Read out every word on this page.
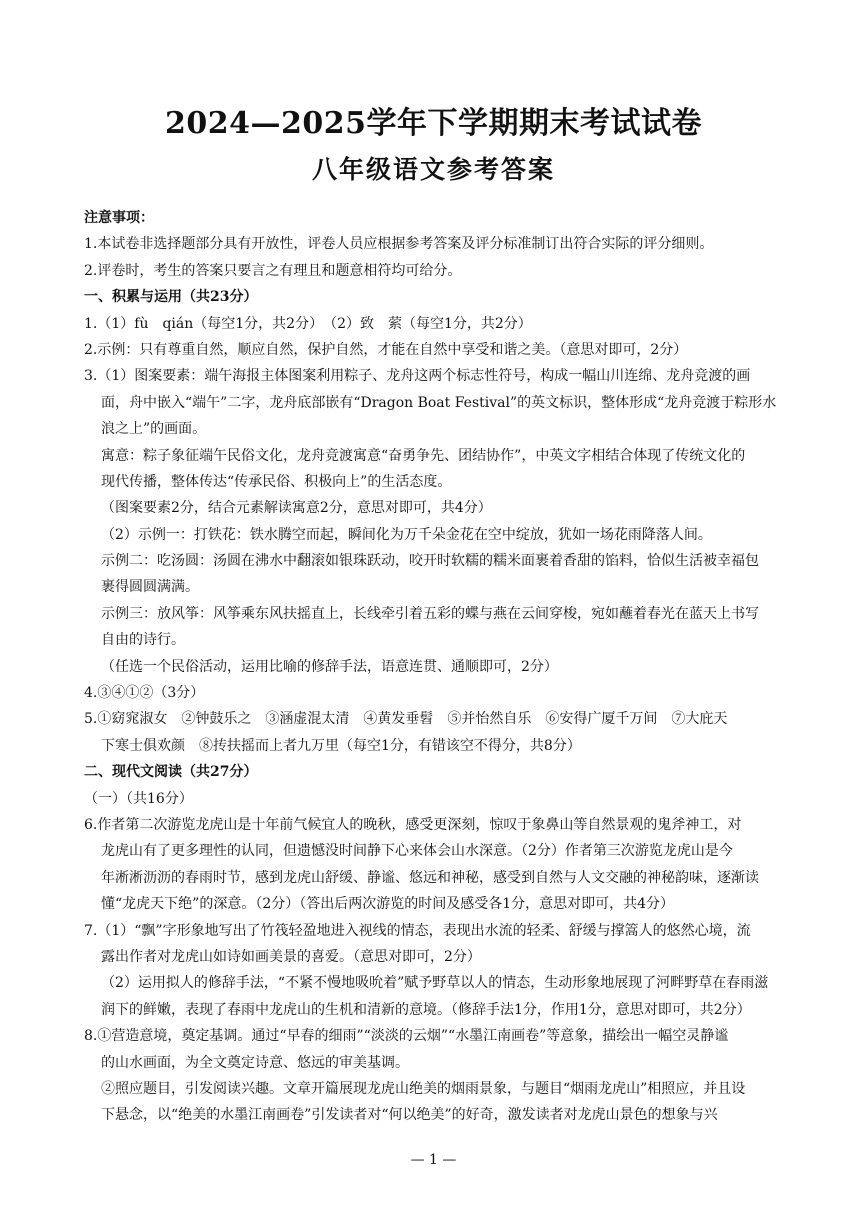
2024—2025学年下学期期末考试试卷
八年级语文参考答案
注意事项：
1.本试卷非选择题部分具有开放性，评卷人员应根据参考答案及评分标准制订出符合实际的评分细则。
2.评卷时，考生的答案只要言之有理且和题意相符均可给分。
一、积累与运用（共23分）
1.（1）fù　qián（每空1分，共2分）　（2）致　萦（每空1分，共2分）
2.示例：只有尊重自然，顺应自然，保护自然，才能在自然中享受和谐之美。（意思对即可，2分）
3.（1）图案要素：端午海报主体图案利用粽子、龙舟这两个标志性符号，构成一幅山川连绵、龙舟竞渡的画
面，舟中嵌入“端午”二字，龙舟底部嵌有“Dragon Boat Festival”的英文标识，整体形成“龙舟竞渡于粽形水
浪之上”的画面。
寓意：粽子象征端午民俗文化，龙舟竞渡寓意“奋勇争先、团结协作”，中英文字相结合体现了传统文化的
现代传播，整体传达“传承民俗、积极向上”的生活态度。
（图案要素2分，结合元素解读寓意2分，意思对即可，共4分）
（2）示例一：打铁花：铁水腾空而起，瞬间化为万千朵金花在空中绽放，犹如一场花雨降落人间。
示例二：吃汤圆：汤圆在沸水中翻滚如银珠跃动，咬开时软糯的糯米面裹着香甜的馅料，恰似生活被幸福包
裹得圆圆满满。
示例三：放风筝：风筝乘东风扶摇直上，长线牵引着五彩的蝶与燕在云间穿梭，宛如蘸着春光在蓝天上书写
自由的诗行。
（任选一个民俗活动，运用比喻的修辞手法，语意连贯、通顺即可，2分）
4.③④①②（3分）
5.①窈窕淑女　②钟鼓乐之　③涵虚混太清　④黄发垂髫　⑤并怡然自乐　⑥安得广厦千万间　⑦大庇天
下寒士俱欢颜　⑧抟扶摇而上者九万里（每空1分，有错该空不得分，共8分）
二、现代文阅读（共27分）
（一）（共16分）
6.作者第二次游览龙虎山是十年前气候宜人的晚秋，感受更深刻，惊叹于象鼻山等自然景观的鬼斧神工，对
龙虎山有了更多理性的认同，但遗憾没时间静下心来体会山水深意。（2分）作者第三次游览龙虎山是今
年淅淅沥沥的春雨时节，感到龙虎山舒缓、静谧、悠远和神秘，感受到自然与人文交融的神秘韵味，逐渐读
懂“龙虎天下绝”的深意。（2分）（答出后两次游览的时间及感受各1分，意思对即可，共4分）
7.（1）“飘”字形象地写出了竹筏轻盈地进入视线的情态，表现出水流的轻柔、舒缓与撑篙人的悠然心境，流
露出作者对龙虎山如诗如画美景的喜爱。（意思对即可，2分）
（2）运用拟人的修辞手法，“不紧不慢地吸吮着”赋予野草以人的情态，生动形象地展现了河畔野草在春雨滋
润下的鲜嫩，表现了春雨中龙虎山的生机和清新的意境。（修辞手法1分，作用1分，意思对即可，共2分）
8.①营造意境，奠定基调。通过“早春的细雨”“淡淡的云烟”“水墨江南画卷”等意象，描绘出一幅空灵静谧
的山水画面，为全文奠定诗意、悠远的审美基调。
②照应题目，引发阅读兴趣。文章开篇展现龙虎山绝美的烟雨景象，与题目“烟雨龙虎山”相照应，并且设
下悬念，以“绝美的水墨江南画卷”引发读者对“何以绝美”的好奇，激发读者对龙虎山景色的想象与兴
— 1 —
